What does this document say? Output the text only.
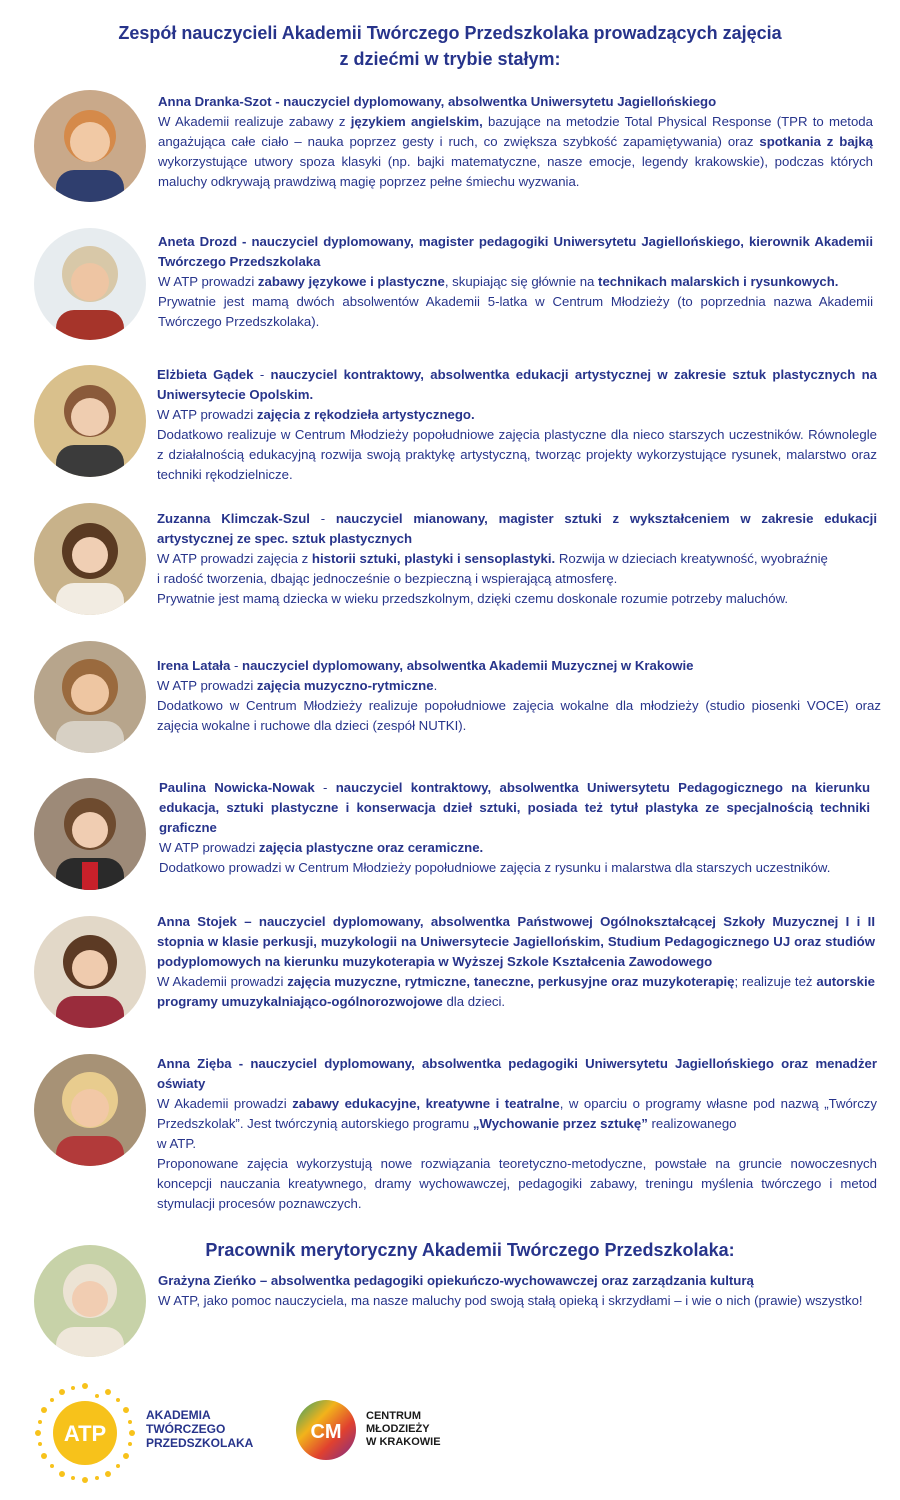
Zespół nauczycieli Akademii Twórczego Przedszkolaka prowadzących zajęcia
z dziećmi w trybie stałym:
Anna Dranka-Szot - nauczyciel dyplomowany, absolwentka Uniwersytetu Jagiellońskiego
W Akademii realizuje zabawy z językiem angielskim, bazujące na metodzie Total Physical Response (TPR to metoda angażująca całe ciało – nauka poprzez gesty i ruch, co zwiększa szybkość zapamiętywania) oraz spotkania z bajką wykorzystujące utwory spoza klasyki (np. bajki matematyczne, nasze emocje, legendy krakowskie), podczas których maluchy odkrywają prawdziwą magię poprzez pełne śmiechu wyzwania.
Aneta Drozd - nauczyciel dyplomowany, magister pedagogiki Uniwersytetu Jagiellońskiego, kierownik Akademii Twórczego Przedszkolaka
W ATP prowadzi zabawy językowe i plastyczne, skupiając się głównie na technikach malarskich i rysunkowych.
Prywatnie jest mamą dwóch absolwentów Akademii 5-latka w Centrum Młodzieży (to poprzednia nazwa Akademii Twórczego Przedszkolaka).
Elżbieta Gądek - nauczyciel kontraktowy, absolwentka edukacji artystycznej w zakresie sztuk plastycznych na Uniwersytecie Opolskim.
W ATP prowadzi zajęcia z rękodzieła artystycznego.
Dodatkowo realizuje w Centrum Młodzieży popołudniowe zajęcia plastyczne dla nieco starszych uczestników. Równolegle z działalnością edukacyjną rozwija swoją praktykę artystyczną, tworząc projekty wykorzystujące rysunek, malarstwo oraz techniki rękodzielnicze.
Zuzanna Klimczak-Szul - nauczyciel mianowany, magister sztuki z wykształceniem w zakresie edukacji artystycznej ze spec. sztuk plastycznych
W ATP prowadzi zajęcia z historii sztuki, plastyki i sensoplastyki. Rozwija w dzieciach kreatywność, wyobraźnię
i radość tworzenia, dbając jednocześnie o bezpieczną i wspierającą atmosferę.
Prywatnie jest mamą dziecka w wieku przedszkolnym, dzięki czemu doskonale rozumie potrzeby maluchów.
Irena Latała - nauczyciel dyplomowany, absolwentka Akademii Muzycznej w Krakowie
W ATP prowadzi zajęcia muzyczno-rytmiczne.
Dodatkowo w Centrum Młodzieży realizuje popołudniowe zajęcia wokalne dla młodzieży (studio piosenki VOCE) oraz zajęcia wokalne i ruchowe dla dzieci (zespół NUTKI).
Paulina Nowicka-Nowak - nauczyciel kontraktowy, absolwentka Uniwersytetu Pedagogicznego na kierunku edukacja, sztuki plastyczne i konserwacja dzieł sztuki, posiada też tytuł plastyka ze specjalnością techniki graficzne
W ATP prowadzi zajęcia plastyczne oraz ceramiczne.
Dodatkowo prowadzi w Centrum Młodzieży popołudniowe zajęcia z rysunku i malarstwa dla starszych uczestników.
Anna Stojek – nauczyciel dyplomowany, absolwentka Państwowej Ogólnokształcącej Szkoły Muzycznej I i II stopnia w klasie perkusji, muzykologii na Uniwersytecie Jagiellońskim, Studium Pedagogicznego UJ oraz studiów podyplomowych na kierunku muzykoterapia w Wyższej Szkole Kształcenia Zawodowego
W Akademii prowadzi zajęcia muzyczne, rytmiczne, taneczne, perkusyjne oraz muzykoterapię; realizuje też autorskie programy umuzykalniająco-ogólnorozwojowe dla dzieci.
Anna Zięba - nauczyciel dyplomowany, absolwentka pedagogiki Uniwersytetu Jagiellońskiego oraz menadżer oświaty
W Akademii prowadzi zabawy edukacyjne, kreatywne i teatralne, w oparciu o programy własne pod nazwą „Twórczy Przedszkolak”. Jest twórczynią autorskiego programu „Wychowanie przez sztukę” realizowanego
w ATP.
Proponowane zajęcia wykorzystują nowe rozwiązania teoretyczno-metodyczne, powstałe na gruncie nowoczesnych koncepcji nauczania kreatywnego, dramy wychowawczej, pedagogiki zabawy, treningu myślenia twórczego i metod stymulacji procesów poznawczych.
Pracownik merytoryczny Akademii Twórczego Przedszkolaka:
Grażyna Zieńko – absolwentka pedagogiki opiekuńczo-wychowawczej oraz zarządzania kulturą
W ATP, jako pomoc nauczyciela, ma nasze maluchy pod swoją stałą opieką i skrzydłami – i wie o nich (prawie) wszystko!
ATP
AKADEMIA
TWÓRCZEGO
PRZEDSZKOLAKA	CM
CENTRUM
MŁODZIEŻY
W KRAKOWIE
